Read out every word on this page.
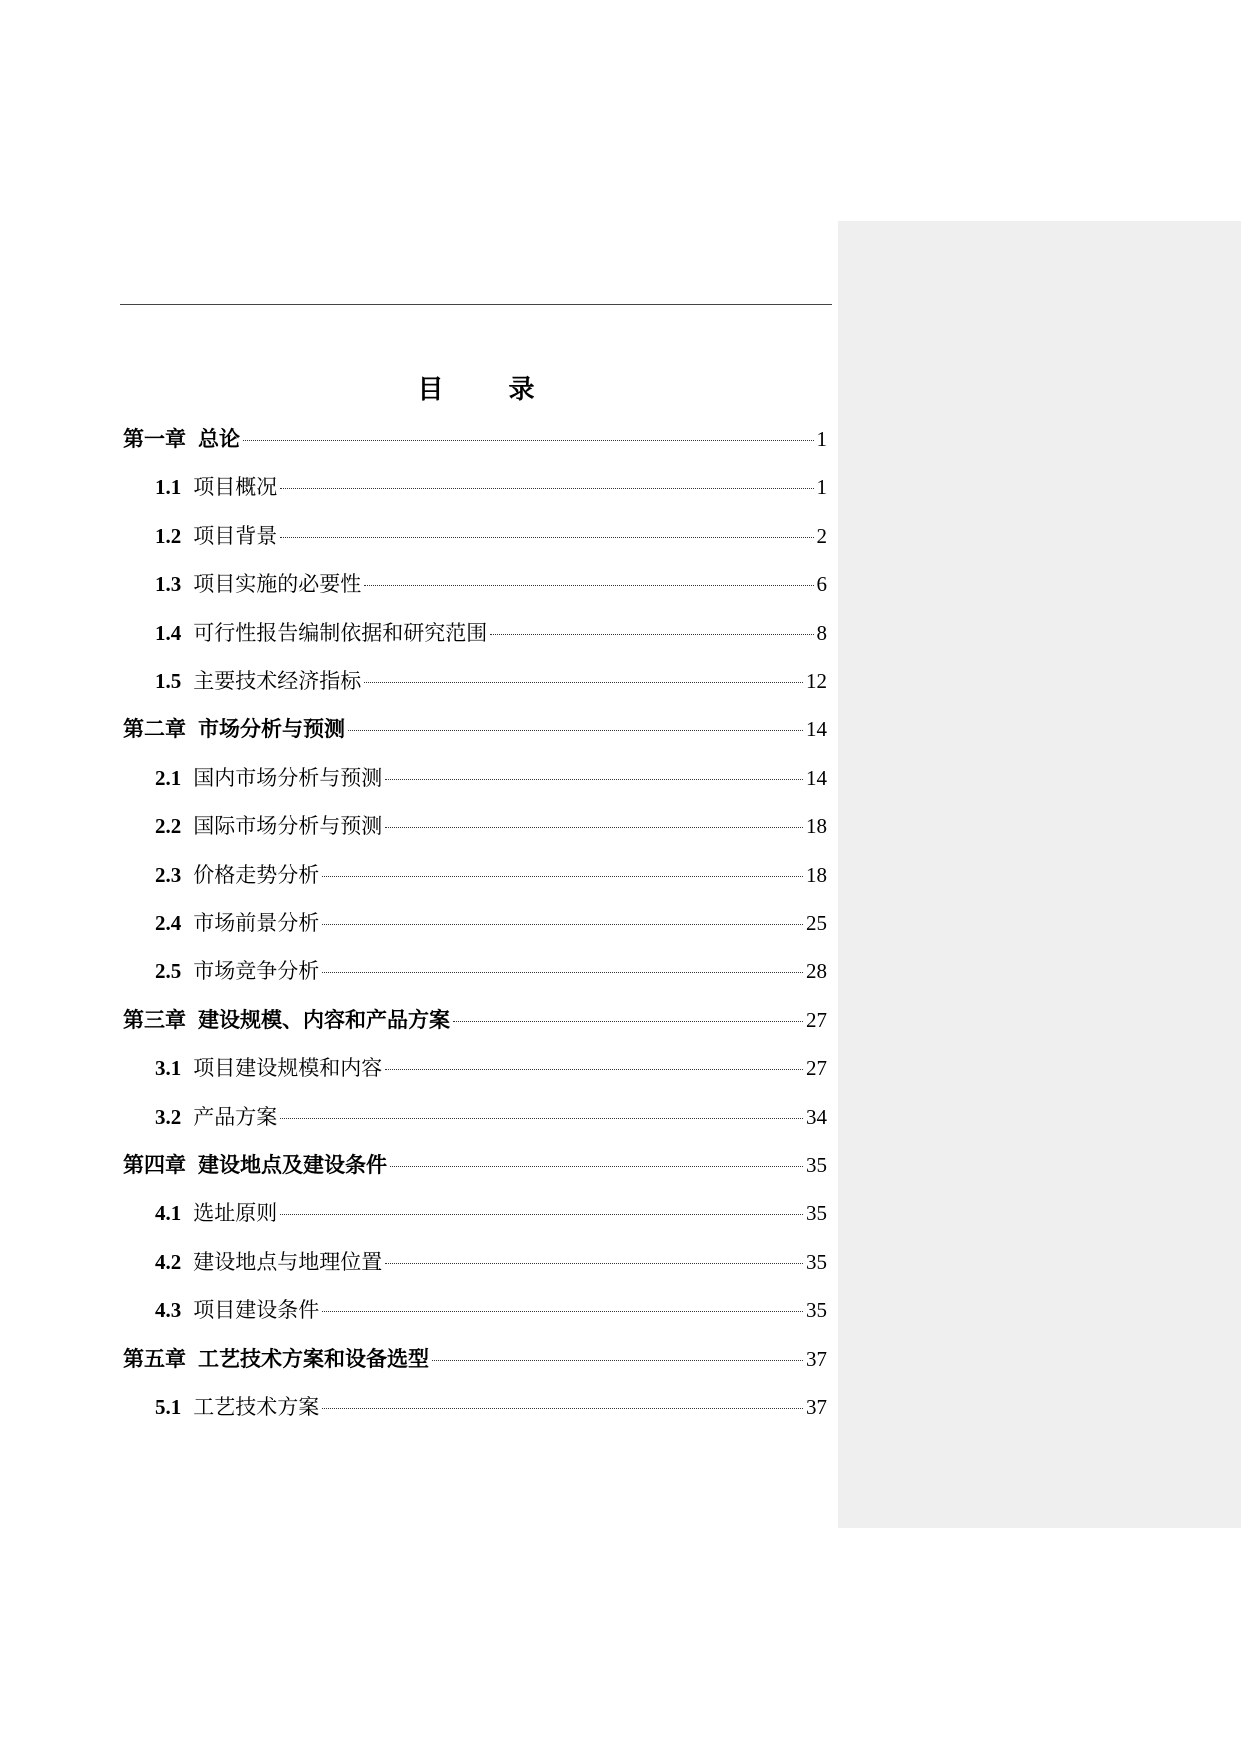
目 录
第一章 总论	1
1.1 项目概况	1
1.2 项目背景	2
1.3 项目实施的必要性	6
1.4 可行性报告编制依据和研究范围	8
1.5 主要技术经济指标	12
第二章 市场分析与预测	14
2.1 国内市场分析与预测	14
2.2 国际市场分析与预测	18
2.3 价格走势分析	18
2.4 市场前景分析	25
2.5 市场竞争分析	28
第三章 建设规模、内容和产品方案	27
3.1 项目建设规模和内容	27
3.2 产品方案	34
第四章 建设地点及建设条件	35
4.1 选址原则	35
4.2 建设地点与地理位置	35
4.3 项目建设条件	35
第五章 工艺技术方案和设备选型	37
5.1 工艺技术方案	37
